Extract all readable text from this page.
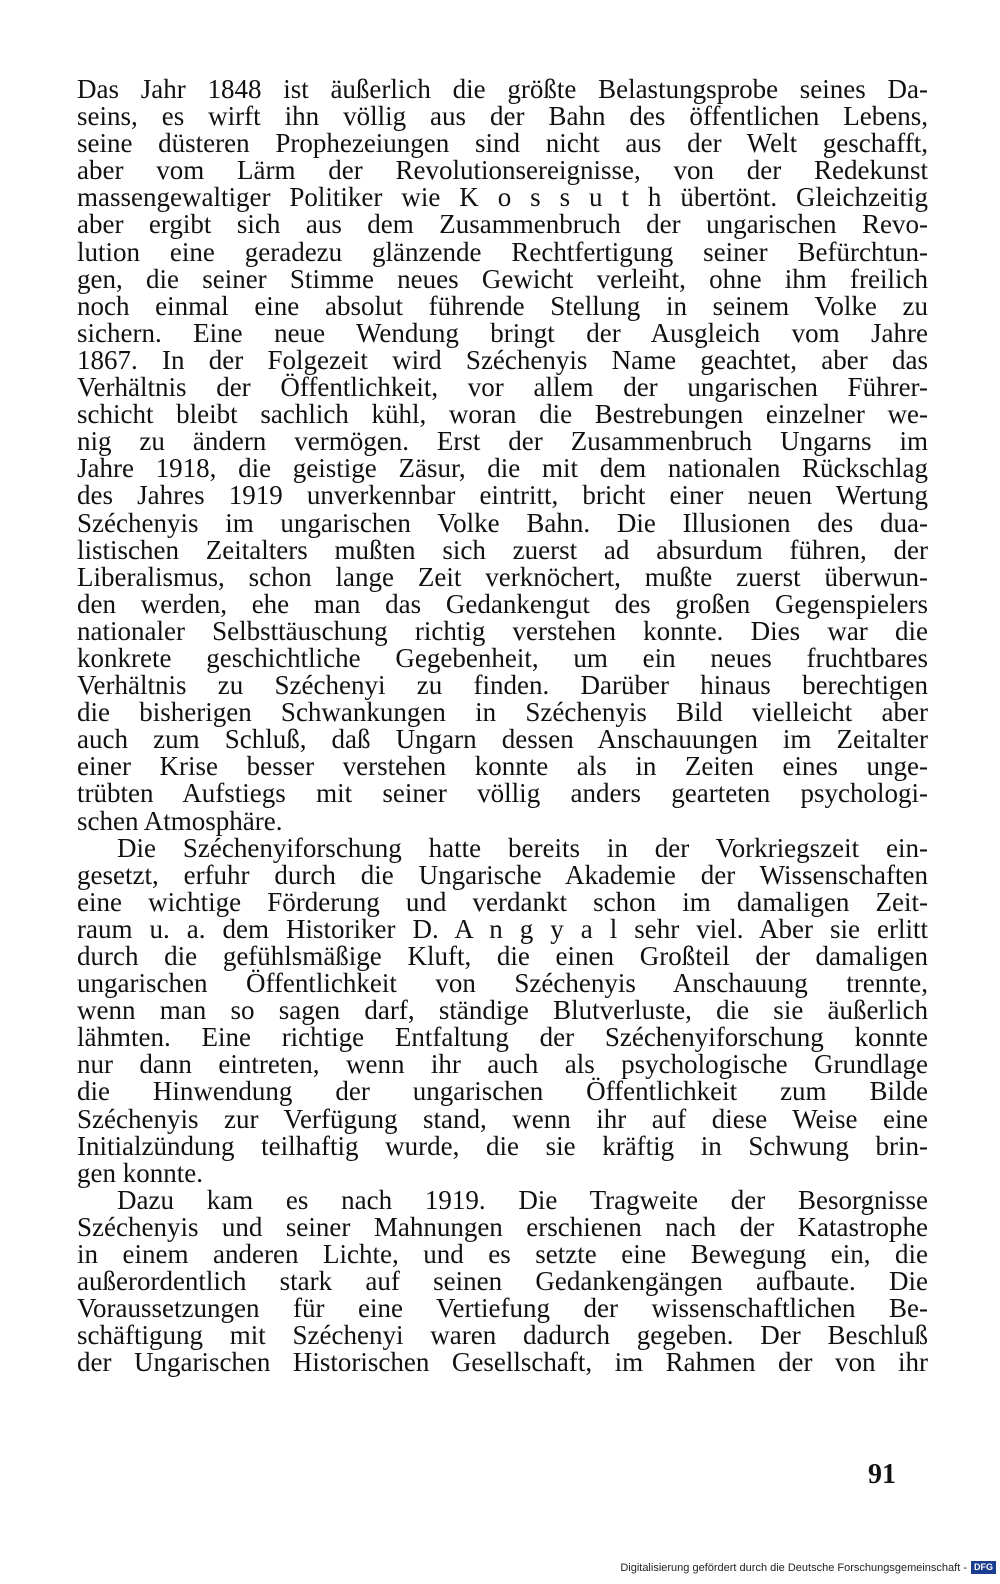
Das Jahr 1848 ist äußerlich die größte Belastungsprobe seines Da-
seins, es wirft ihn völlig aus der Bahn des öffentlichen Lebens,
seine düsteren Prophezeiungen sind nicht aus der Welt geschafft,
aber vom Lärm der Revolutionsereignisse, von der Redekunst
massengewaltiger Politiker wie K o s s u t h übertönt. Gleichzeitig
aber ergibt sich aus dem Zusammenbruch der ungarischen Revo-
lution eine geradezu glänzende Rechtfertigung seiner Befürchtun-
gen, die seiner Stimme neues Gewicht verleiht, ohne ihm freilich
noch einmal eine absolut führende Stellung in seinem Volke zu
sichern. Eine neue Wendung bringt der Ausgleich vom Jahre
1867. In der Folgezeit wird Széchenyis Name geachtet, aber das
Verhältnis der Öffentlichkeit, vor allem der ungarischen Führer-
schicht bleibt sachlich kühl, woran die Bestrebungen einzelner we-
nig zu ändern vermögen. Erst der Zusammenbruch Ungarns im
Jahre 1918, die geistige Zäsur, die mit dem nationalen Rückschlag
des Jahres 1919 unverkennbar eintritt, bricht einer neuen Wertung
Széchenyis im ungarischen Volke Bahn. Die Illusionen des dua-
listischen Zeitalters mußten sich zuerst ad absurdum führen, der
Liberalismus, schon lange Zeit verknöchert, mußte zuerst überwun-
den werden, ehe man das Gedankengut des großen Gegenspielers
nationaler Selbsttäuschung richtig verstehen konnte. Dies war die
konkrete geschichtliche Gegebenheit, um ein neues fruchtbares
Verhältnis zu Széchenyi zu finden. Darüber hinaus berechtigen
die bisherigen Schwankungen in Széchenyis Bild vielleicht aber
auch zum Schluß, daß Ungarn dessen Anschauungen im Zeitalter
einer Krise besser verstehen konnte als in Zeiten eines unge-
trübten Aufstiegs mit seiner völlig anders gearteten psychologi-
schen Atmosphäre.
Die Széchenyiforschung hatte bereits in der Vorkriegszeit ein-
gesetzt, erfuhr durch die Ungarische Akademie der Wissenschaften
eine wichtige Förderung und verdankt schon im damaligen Zeit-
raum u. a. dem Historiker D. A n g y a l sehr viel. Aber sie erlitt
durch die gefühlsmäßige Kluft, die einen Großteil der damaligen
ungarischen Öffentlichkeit von Széchenyis Anschauung trennte,
wenn man so sagen darf, ständige Blutverluste, die sie äußerlich
lähmten. Eine richtige Entfaltung der Széchenyiforschung konnte
nur dann eintreten, wenn ihr auch als psychologische Grundlage
die Hinwendung der ungarischen Öffentlichkeit zum Bilde
Széchenyis zur Verfügung stand, wenn ihr auf diese Weise eine
Initialzündung teilhaftig wurde, die sie kräftig in Schwung brin-
gen konnte.
Dazu kam es nach 1919. Die Tragweite der Besorgnisse
Széchenyis und seiner Mahnungen erschienen nach der Katastrophe
in einem anderen Lichte, und es setzte eine Bewegung ein, die
außerordentlich stark auf seinen Gedankengängen aufbaute. Die
Voraussetzungen für eine Vertiefung der wissenschaftlichen Be-
schäftigung mit Széchenyi waren dadurch gegeben. Der Beschluß
der Ungarischen Historischen Gesellschaft, im Rahmen der von ihr
91
Digitalisierung gefördert durch die Deutsche Forschungsgemeinschaft - DFG
